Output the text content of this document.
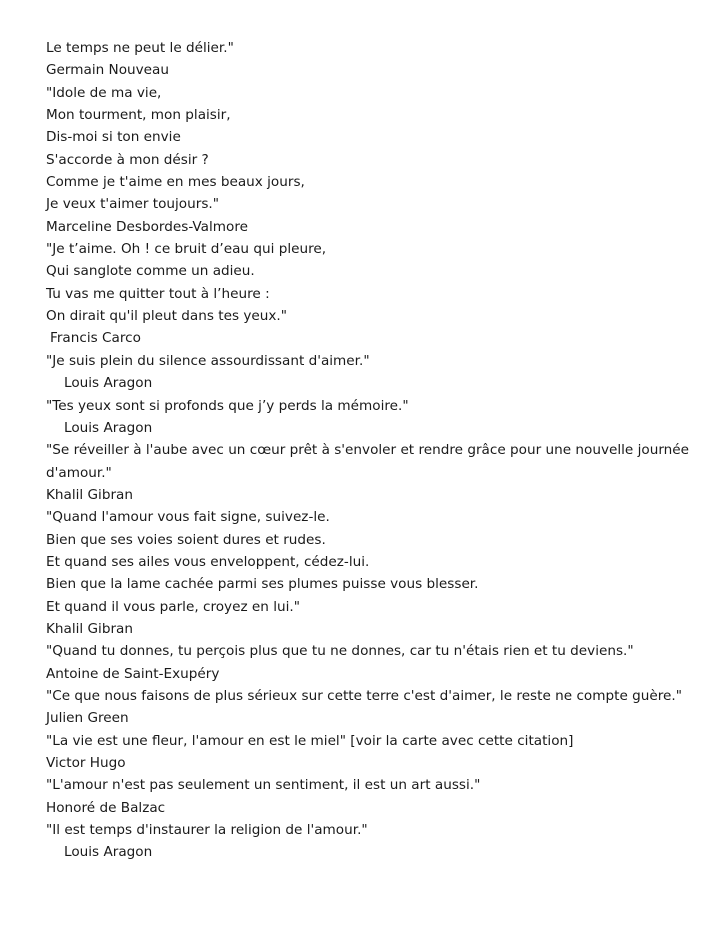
Le temps ne peut le délier."
Germain Nouveau
"Idole de ma vie,
Mon tourment, mon plaisir,
Dis-moi si ton envie
S'accorde à mon désir ?
Comme je t'aime en mes beaux jours,
Je veux t'aimer toujours."
Marceline Desbordes-Valmore
"Je t’aime. Oh ! ce bruit d’eau qui pleure,
Qui sanglote comme un adieu.
Tu vas me quitter tout à l’heure :
On dirait qu'il pleut dans tes yeux."
Francis Carco
"Je suis plein du silence assourdissant d'aimer."
Louis Aragon
"Tes yeux sont si profonds que j’y perds la mémoire."
Louis Aragon
"Se réveiller à l'aube avec un cœur prêt à s'envoler et rendre grâce pour une nouvelle journée d'amour."
Khalil Gibran
"Quand l'amour vous fait signe, suivez-le.
Bien que ses voies soient dures et rudes.
Et quand ses ailes vous enveloppent, cédez-lui.
Bien que la lame cachée parmi ses plumes puisse vous blesser.
Et quand il vous parle, croyez en lui."
Khalil Gibran
"Quand tu donnes, tu perçois plus que tu ne donnes, car tu n'étais rien et tu deviens."
Antoine de Saint-Exupéry
"Ce que nous faisons de plus sérieux sur cette terre c'est d'aimer, le reste ne compte guère."
Julien Green
"La vie est une fleur, l'amour en est le miel" [voir la carte avec cette citation]
Victor Hugo
"L'amour n'est pas seulement un sentiment, il est un art aussi."
Honoré de Balzac
"Il est temps d'instaurer la religion de l'amour."
Louis Aragon
